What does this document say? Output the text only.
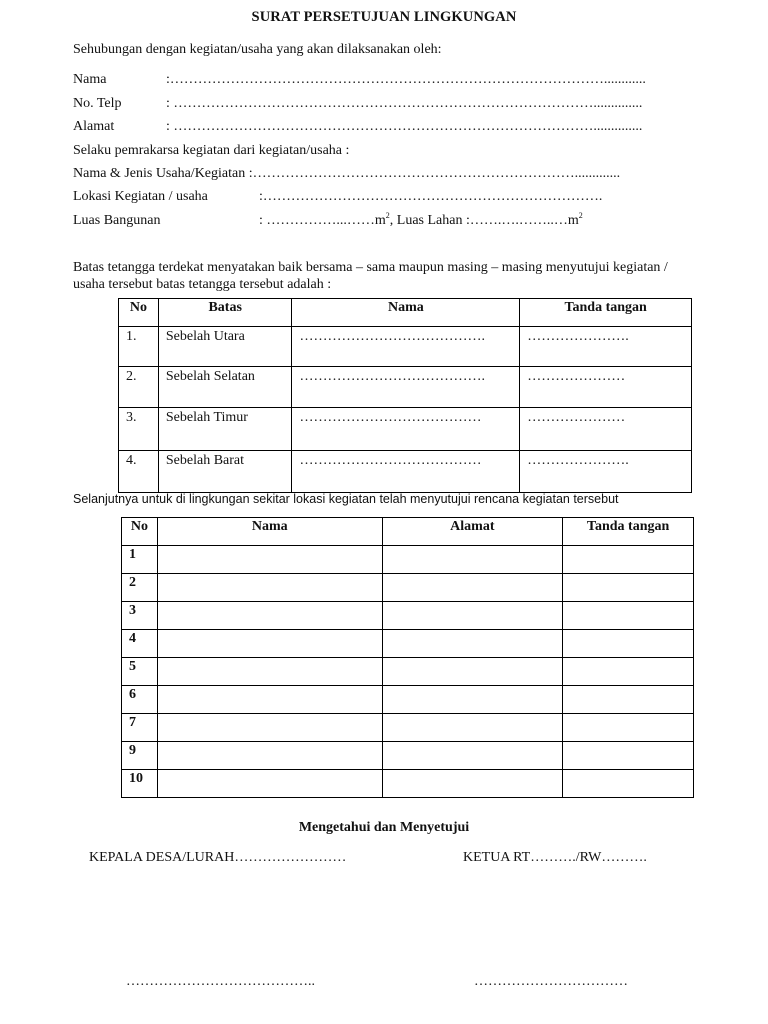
SURAT PERSETUJUAN LINGKUNGAN
Sehubungan dengan kegiatan/usaha yang akan dilaksanakan oleh:
Nama	:…………………………………………………………………………………............
No. Telp	: ………………………………………………………………………………..............
Alamat	: ………………………………………………………………………………..............
Selaku pemrakarsa kegiatan dari kegiatan/usaha :
Nama & Jenis Usaha/Kegiatan :…………………………………………………………….............
Lokasi Kegiatan / usaha	:……………………………………………………………….
Luas Bangunan	: $\dots\dots\dots\dots\dots...\dots\dots m^2$, Luas Lahan $:\dots\dots.\dots.\dots\dots..\dots m^2$
Batas tetangga terdekat menyatakan baik bersama – sama maupun masing – masing menyutujui kegiatan / usaha tersebut batas tetangga tersebut adalah :
No	Batas	Nama	Tanda tangan
1.	Sebelah Utara	………………………………….	………………….
2.	Sebelah Selatan	………………………………….	…………………
3.	Sebelah Timur	…………………………………	…………………
4.	Sebelah Barat	…………………………………	………………….
Selanjutnya untuk di lingkungan sekitar lokasi kegiatan telah menyutujui rencana kegiatan tersebut
No	Nama	Alamat	Tanda tangan
1			
2			
3			
4			
5			
6			
7			
9			
10			
Mengetahui dan Menyetujui
KEPALA DESA/LURAH……………………	KETUA RT………./RW……….
…………………………………..	……………………………
